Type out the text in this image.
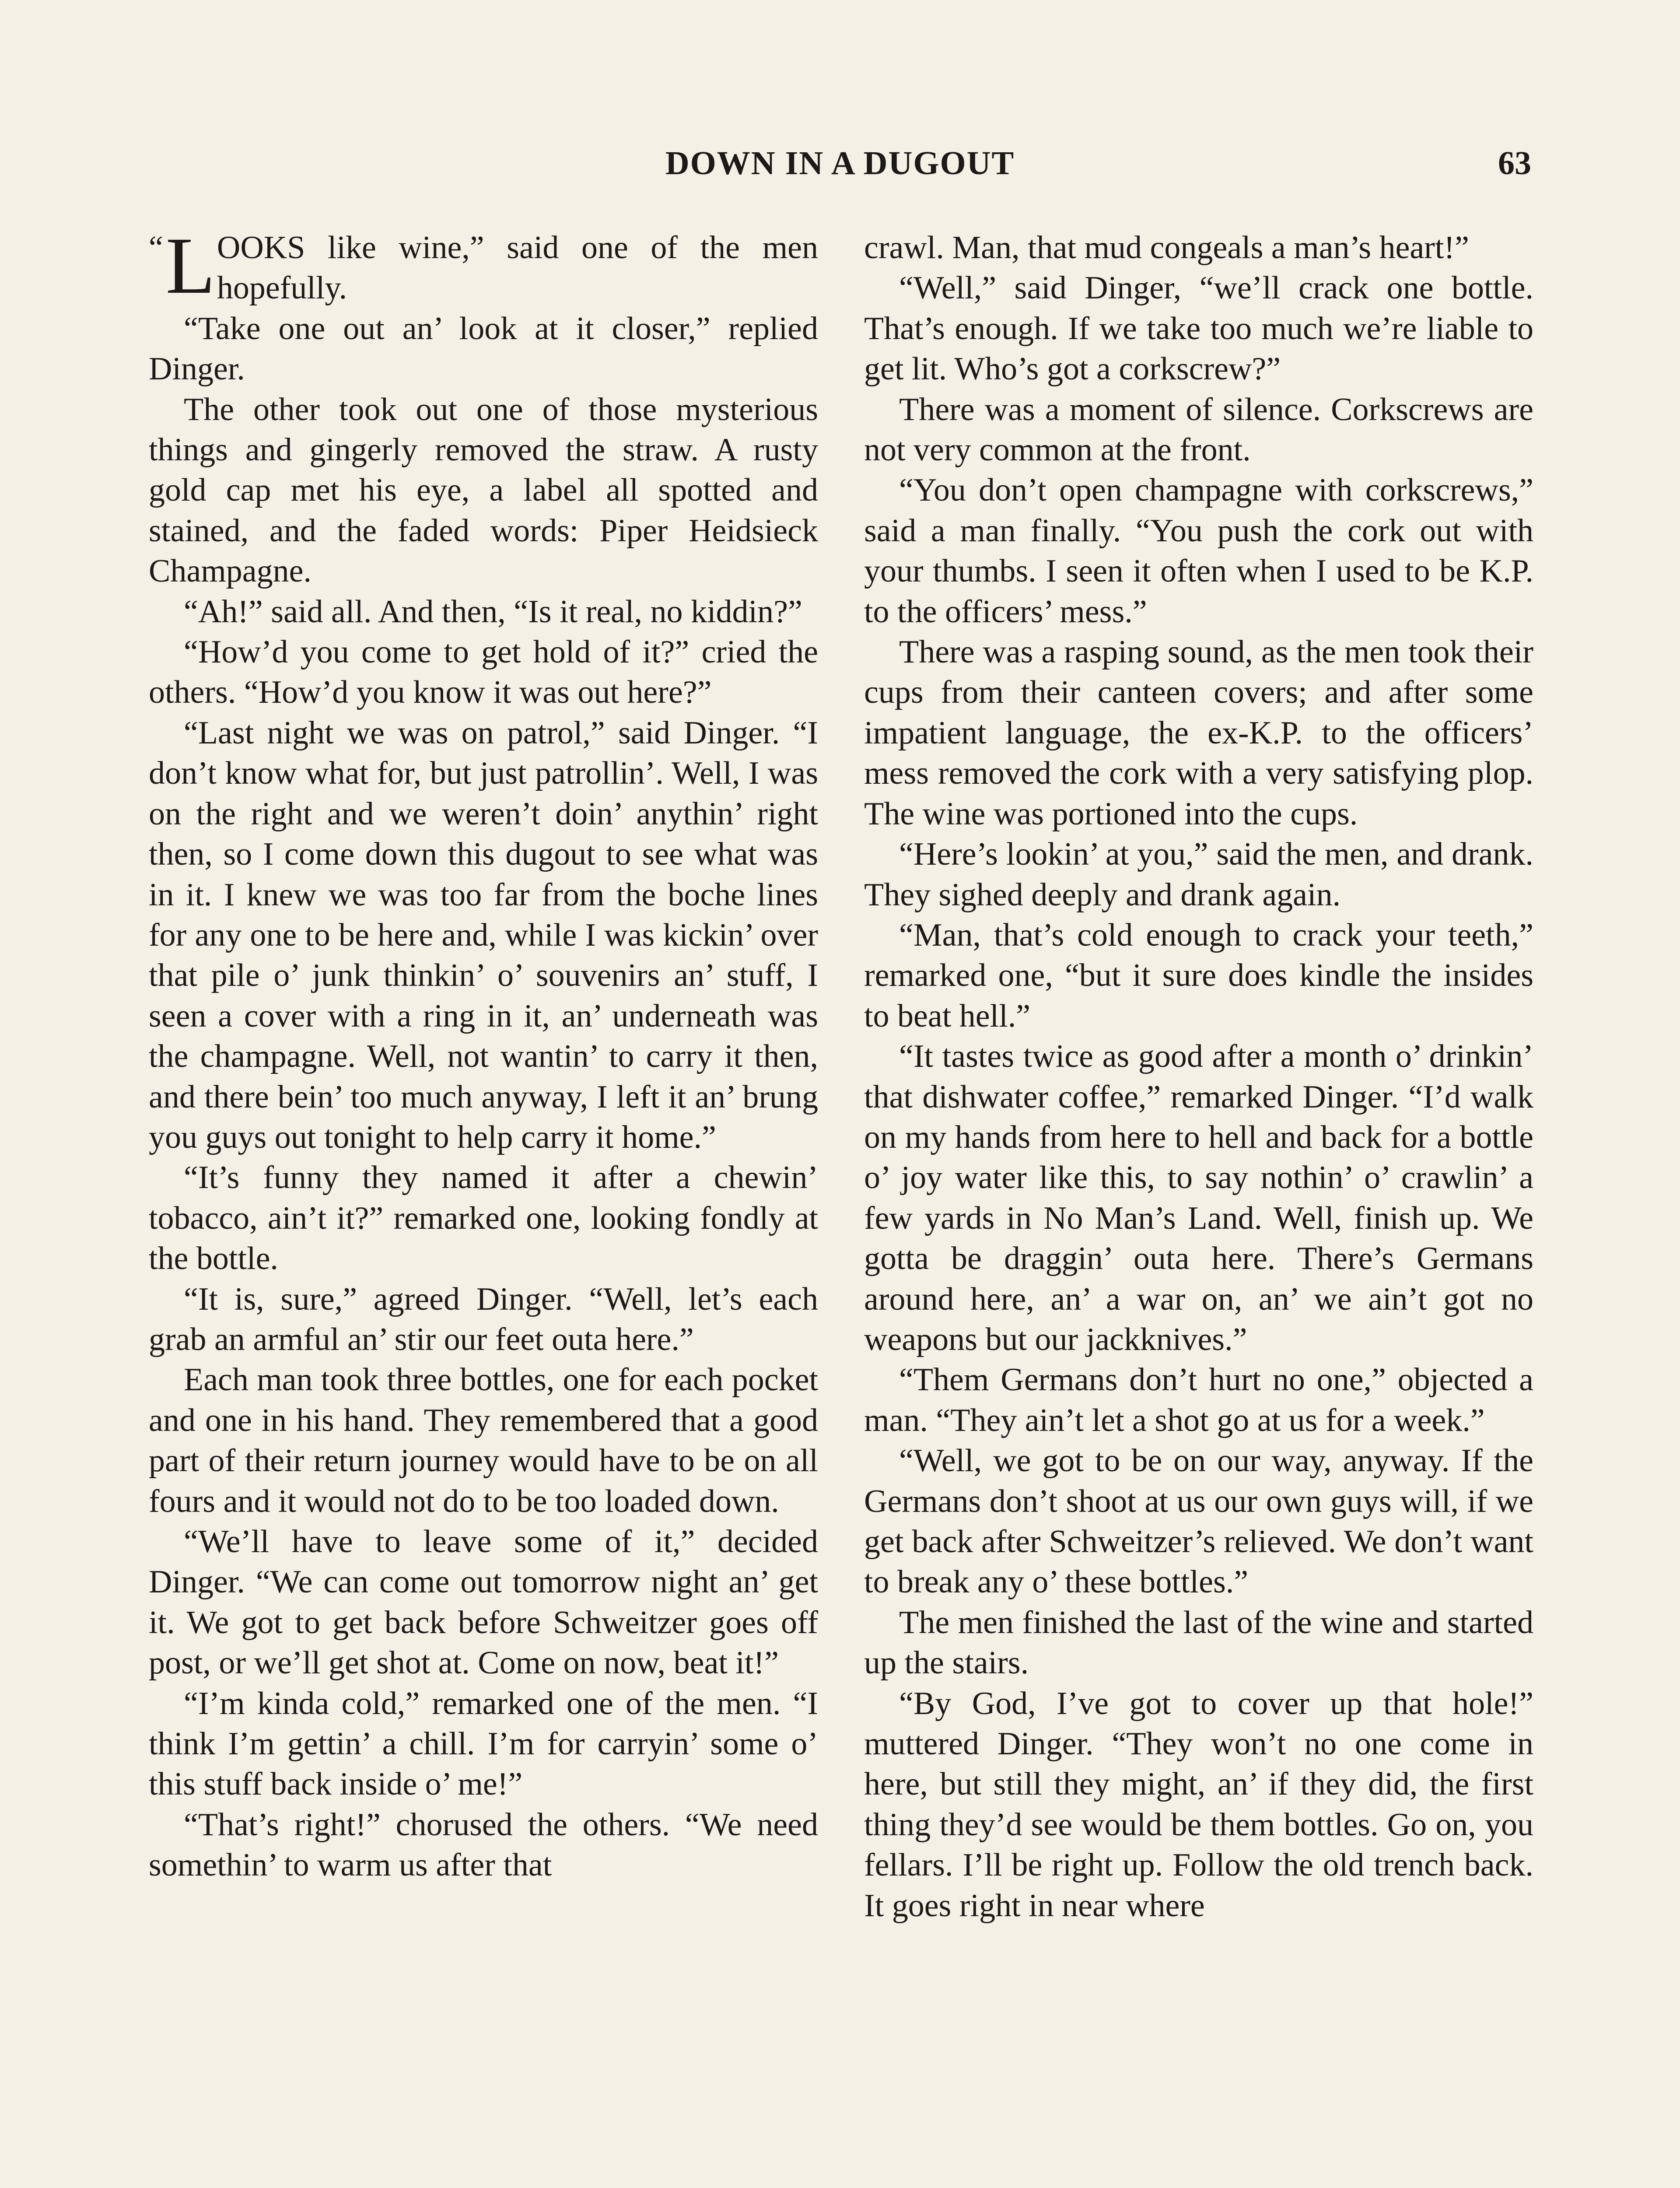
DOWN IN A DUGOUT	63

“ L OOKS like wine,” said one of the men hopefully.

“Take one out an’ look at it closer,” replied Dinger.

The other took out one of those mysterious things and gingerly removed the straw. A rusty gold cap met his eye, a label all spotted and stained, and the faded words: Piper Heidsieck Champagne.

“Ah!” said all. And then, “Is it real, no kiddin?”

“How’d you come to get hold of it?” cried the others. “How’d you know it was out here?”

“Last night we was on patrol,” said Dinger. “I don’t know what for, but just patrollin’. Well, I was on the right and we weren’t doin’ anythin’ right then, so I come down this dugout to see what was in it. I knew we was too far from the boche lines for any one to be here and, while I was kickin’ over that pile o’ junk thinkin’ o’ souvenirs an’ stuff, I seen a cover with a ring in it, an’ underneath was the champagne. Well, not wantin’ to carry it then, and there bein’ too much anyway, I left it an’ brung you guys out tonight to help carry it home.”

“It’s funny they named it after a chewin’ tobacco, ain’t it?” remarked one, looking fondly at the bottle.

“It is, sure,” agreed Dinger. “Well, let’s each grab an armful an’ stir our feet outa here.”

Each man took three bottles, one for each pocket and one in his hand. They remembered that a good part of their return journey would have to be on all fours and it would not do to be too loaded down.

“We’ll have to leave some of it,” decided Dinger. “We can come out tomorrow night an’ get it. We got to get back before Schweitzer goes off post, or we’ll get shot at. Come on now, beat it!”

“I’m kinda cold,” remarked one of the men. “I think I’m gettin’ a chill. I’m for carryin’ some o’ this stuff back inside o’ me!”

“That’s right!” chorused the others. “We need somethin’ to warm us after that

crawl. Man, that mud congeals a man’s heart!”

“Well,” said Dinger, “we’ll crack one bottle. That’s enough. If we take too much we’re liable to get lit. Who’s got a corkscrew?”

There was a moment of silence. Corkscrews are not very common at the front.

“You don’t open champagne with corkscrews,” said a man finally. “You push the cork out with your thumbs. I seen it often when I used to be K.P. to the officers’ mess.”

There was a rasping sound, as the men took their cups from their canteen covers; and after some impatient language, the ex-K.P. to the officers’ mess removed the cork with a very satisfying plop. The wine was portioned into the cups.

“Here’s lookin’ at you,” said the men, and drank. They sighed deeply and drank again.

“Man, that’s cold enough to crack your teeth,” remarked one, “but it sure does kindle the insides to beat hell.”

“It tastes twice as good after a month o’ drinkin’ that dishwater coffee,” remarked Dinger. “I’d walk on my hands from here to hell and back for a bottle o’ joy water like this, to say nothin’ o’ crawlin’ a few yards in No Man’s Land. Well, finish up. We gotta be draggin’ outa here. There’s Germans around here, an’ a war on, an’ we ain’t got no weapons but our jackknives.”

“Them Germans don’t hurt no one,” objected a man. “They ain’t let a shot go at us for a week.”

“Well, we got to be on our way, anyway. If the Germans don’t shoot at us our own guys will, if we get back after Schweitzer’s relieved. We don’t want to break any o’ these bottles.”

The men finished the last of the wine and started up the stairs.

“By God, I’ve got to cover up that hole!” muttered Dinger. “They won’t no one come in here, but still they might, an’ if they did, the first thing they’d see would be them bottles. Go on, you fellars. I’ll be right up. Follow the old trench back. It goes right in near where
